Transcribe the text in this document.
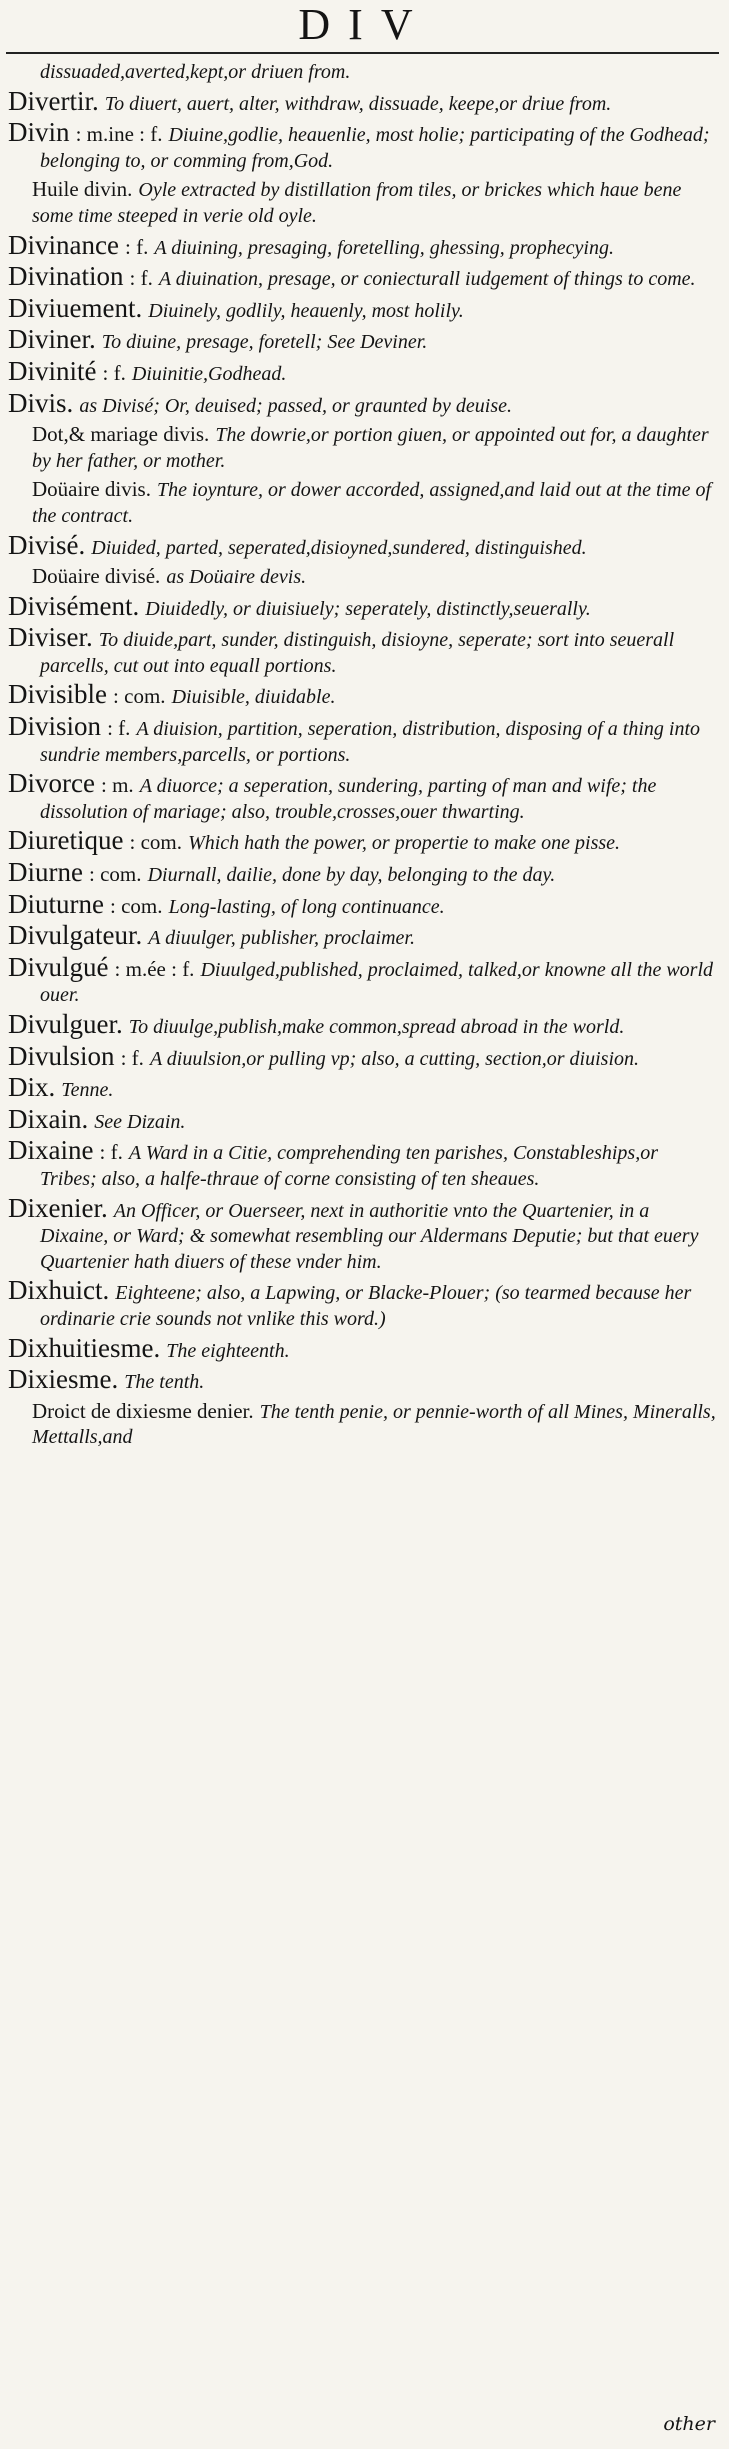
DIV
dissuaded,averted,kept,or driuen from.
Divertir. To diuert, auert, alter, withdraw, dissuade, keepe,or driue from.
Divin : m.ine : f. Diuine,godlie, heauenlie, most holie; participating of the Godhead; belonging to, or comming from,God.
Huile divin. Oyle extracted by distillation from tiles, or brickes which haue bene some time steeped in verie old oyle.
Divinance : f. A diuining, presaging, foretelling, ghessing, prophecying.
Divination : f. A diuination, presage, or coniecturall iudgement of things to come.
Diviuement. Diuinely, godlily, heauenly, most holily.
Diviner. To diuine, presage, foretell; See Deviner.
Divinité : f. Diuinitie,Godhead.
Divis. as Divisé; Or, deuised; passed, or graunted by deuise.
Dot,& mariage divis. The dowrie,or portion giuen, or appointed out for, a daughter by her father, or mother.
Doüaire divis. The ioynture, or dower accorded, assigned,and laid out at the time of the contract.
Divisé. Diuided, parted, seperated,disioyned,sundered, distinguished.
Doüaire divisé. as Doüaire devis.
Divisément. Diuidedly, or diuisiuely; seperately, distinctly,seuerally.
Diviser. To diuide,part, sunder, distinguish, disioyne, seperate; sort into seuerall parcells, cut out into equall portions.
Divisible : com. Diuisible, diuidable.
Division : f. A diuision, partition, seperation, distribution, disposing of a thing into sundrie members,parcells, or portions.
Divorce : m. A diuorce; a seperation, sundering, parting of man and wife; the dissolution of mariage; also, trouble,crosses,ouer thwarting.
Diuretique : com. Which hath the power, or propertie to make one pisse.
Diurne : com. Diurnall, dailie, done by day, belonging to the day.
Diuturne : com. Long-lasting, of long continuance.
Divulgateur. A diuulger, publisher, proclaimer.
Divulgué : m.ée : f. Diuulged,published, proclaimed, talked,or knowne all the world ouer.
Divulguer. To diuulge,publish,make common,spread abroad in the world.
Divulsion : f. A diuulsion,or pulling vp; also, a cutting, section,or diuision.
Dix. Tenne.
Dixain. See Dizain.
Dixaine : f. A Ward in a Citie, comprehending ten parishes, Constableships,or Tribes; also, a halfe-thraue of corne consisting of ten sheaues.
Dixenier. An Officer, or Ouerseer, next in authoritie vnto the Quartenier, in a Dixaine, or Ward; & somewhat resembling our Aldermans Deputie; but that euery Quartenier hath diuers of these vnder him.
Dixhuict. Eighteene; also, a Lapwing, or Blacke-Plouer; (so tearmed because her ordinarie crie sounds not vnlike this word.)
Dixhuitiesme. The eighteenth.
Dixiesme. The tenth.
Droict de dixiesme denier. The tenth penie, or pennie-worth of all Mines, Mineralls, Mettalls,and
other
